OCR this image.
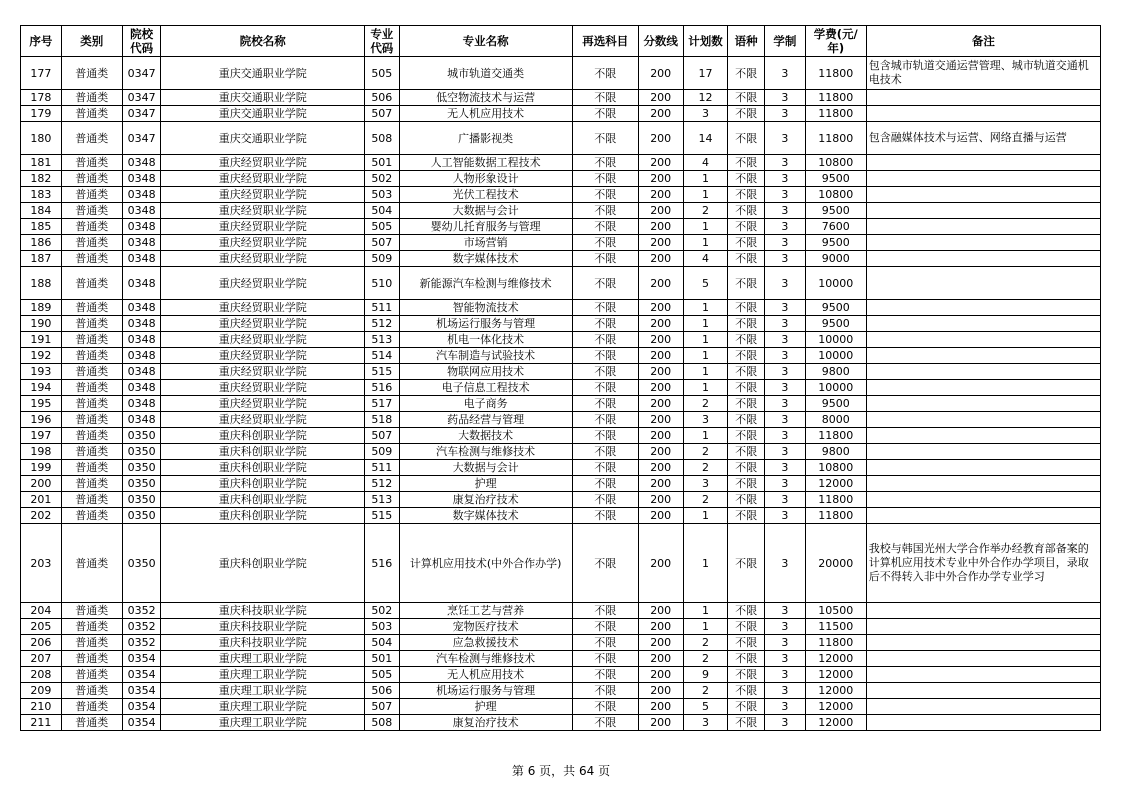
序号	类别	院校代码	院校名称	专业代码	专业名称	再选科目	分数线	计划数	语种	学制	学费(元/年)	备注
177	普通类	0347	重庆交通职业学院	505	城市轨道交通类	不限	200	17	不限	3	11800	包含城市轨道交通运营管理、城市轨道交通机电技术
178	普通类	0347	重庆交通职业学院	506	低空物流技术与运营	不限	200	12	不限	3	11800	
179	普通类	0347	重庆交通职业学院	507	无人机应用技术	不限	200	3	不限	3	11800	
180	普通类	0347	重庆交通职业学院	508	广播影视类	不限	200	14	不限	3	11800	包含融媒体技术与运营、网络直播与运营
181	普通类	0348	重庆经贸职业学院	501	人工智能数据工程技术	不限	200	4	不限	3	10800	
182	普通类	0348	重庆经贸职业学院	502	人物形象设计	不限	200	1	不限	3	9500	
183	普通类	0348	重庆经贸职业学院	503	光伏工程技术	不限	200	1	不限	3	10800	
184	普通类	0348	重庆经贸职业学院	504	大数据与会计	不限	200	2	不限	3	9500	
185	普通类	0348	重庆经贸职业学院	505	婴幼儿托育服务与管理	不限	200	1	不限	3	7600	
186	普通类	0348	重庆经贸职业学院	507	市场营销	不限	200	1	不限	3	9500	
187	普通类	0348	重庆经贸职业学院	509	数字媒体技术	不限	200	4	不限	3	9000	
188	普通类	0348	重庆经贸职业学院	510	新能源汽车检测与维修技术	不限	200	5	不限	3	10000	
189	普通类	0348	重庆经贸职业学院	511	智能物流技术	不限	200	1	不限	3	9500	
190	普通类	0348	重庆经贸职业学院	512	机场运行服务与管理	不限	200	1	不限	3	9500	
191	普通类	0348	重庆经贸职业学院	513	机电一体化技术	不限	200	1	不限	3	10000	
192	普通类	0348	重庆经贸职业学院	514	汽车制造与试验技术	不限	200	1	不限	3	10000	
193	普通类	0348	重庆经贸职业学院	515	物联网应用技术	不限	200	1	不限	3	9800	
194	普通类	0348	重庆经贸职业学院	516	电子信息工程技术	不限	200	1	不限	3	10000	
195	普通类	0348	重庆经贸职业学院	517	电子商务	不限	200	2	不限	3	9500	
196	普通类	0348	重庆经贸职业学院	518	药品经营与管理	不限	200	3	不限	3	8000	
197	普通类	0350	重庆科创职业学院	507	大数据技术	不限	200	1	不限	3	11800	
198	普通类	0350	重庆科创职业学院	509	汽车检测与维修技术	不限	200	2	不限	3	9800	
199	普通类	0350	重庆科创职业学院	511	大数据与会计	不限	200	2	不限	3	10800	
200	普通类	0350	重庆科创职业学院	512	护理	不限	200	3	不限	3	12000	
201	普通类	0350	重庆科创职业学院	513	康复治疗技术	不限	200	2	不限	3	11800	
202	普通类	0350	重庆科创职业学院	515	数字媒体技术	不限	200	1	不限	3	11800	
203	普通类	0350	重庆科创职业学院	516	计算机应用技术(中外合作办学)	不限	200	1	不限	3	20000	我校与韩国光州大学合作举办经教育部备案的计算机应用技术专业中外合作办学项目，录取后不得转入非中外合作办学专业学习
204	普通类	0352	重庆科技职业学院	502	烹饪工艺与营养	不限	200	1	不限	3	10500	
205	普通类	0352	重庆科技职业学院	503	宠物医疗技术	不限	200	1	不限	3	11500	
206	普通类	0352	重庆科技职业学院	504	应急救援技术	不限	200	2	不限	3	11800	
207	普通类	0354	重庆理工职业学院	501	汽车检测与维修技术	不限	200	2	不限	3	12000	
208	普通类	0354	重庆理工职业学院	505	无人机应用技术	不限	200	9	不限	3	12000	
209	普通类	0354	重庆理工职业学院	506	机场运行服务与管理	不限	200	2	不限	3	12000	
210	普通类	0354	重庆理工职业学院	507	护理	不限	200	5	不限	3	12000	
211	普通类	0354	重庆理工职业学院	508	康复治疗技术	不限	200	3	不限	3	12000	
第 6 页，共 64 页
